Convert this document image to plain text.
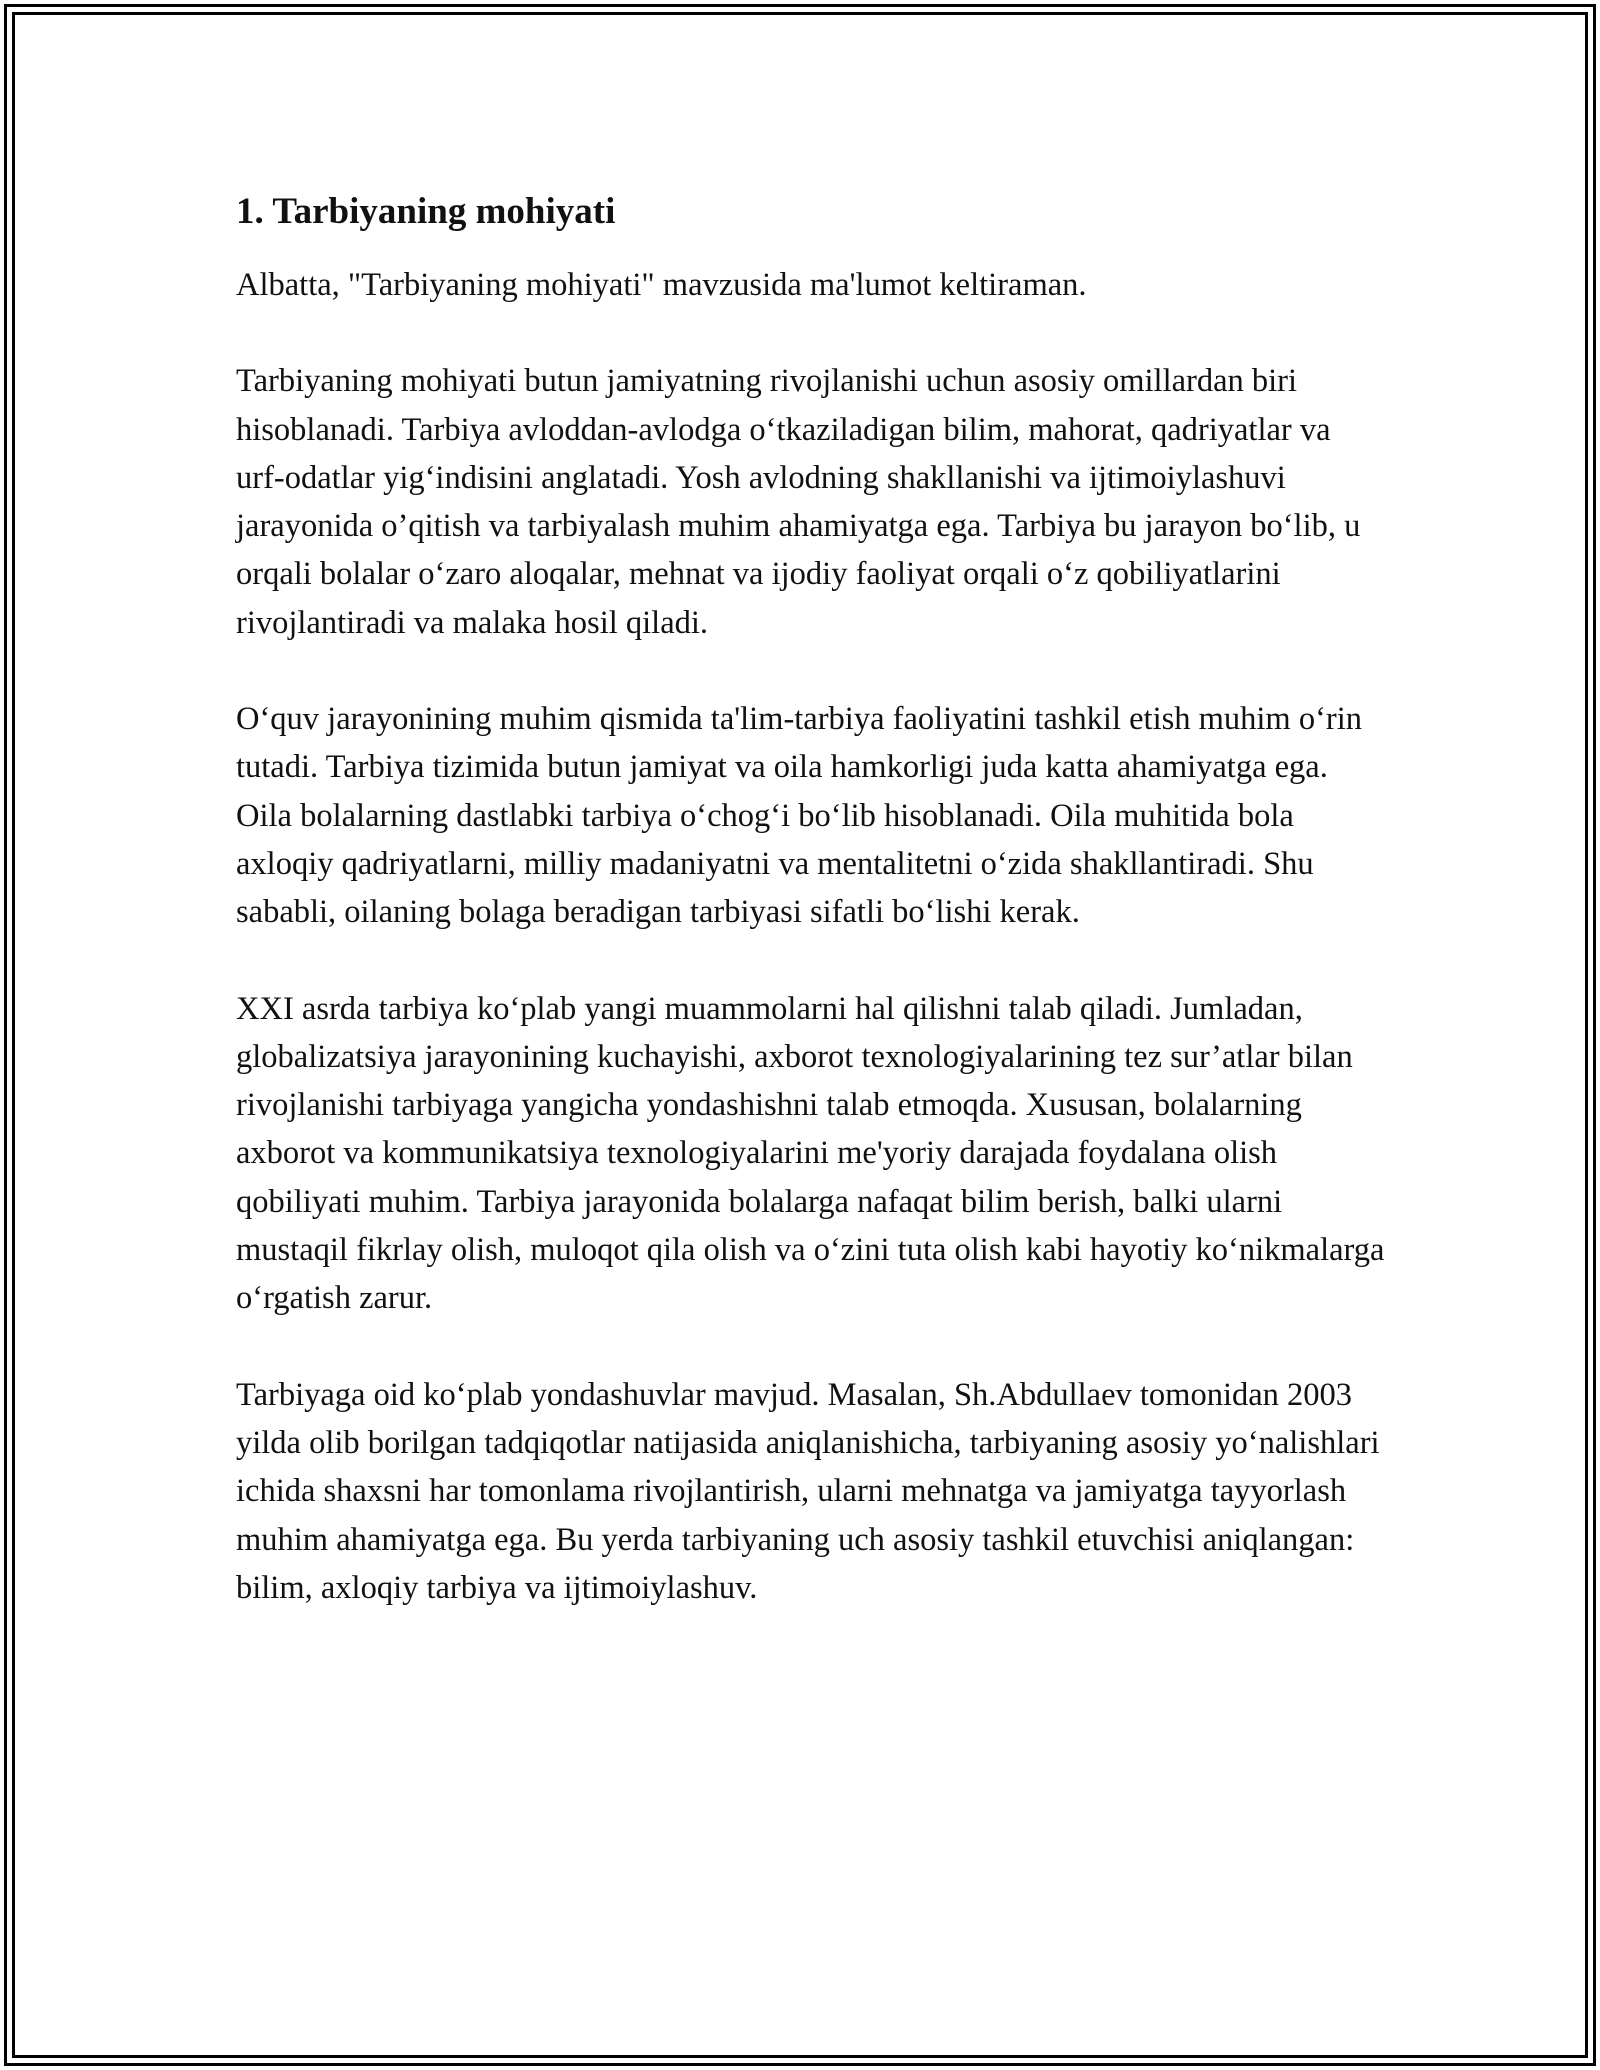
1. Tarbiyaning mohiyati

Albatta, "Tarbiyaning mohiyati" mavzusida ma'lumot keltiraman.

Tarbiyaning mohiyati butun jamiyatning rivojlanishi uchun asosiy omillardan biri hisoblanadi. Tarbiya avloddan-avlodga o‘tkaziladigan bilim, mahorat, qadriyatlar va urf-odatlar yig‘indisini anglatadi. Yosh avlodning shakllanishi va ijtimoiylashuvi jarayonida o’qitish va tarbiyalash muhim ahamiyatga ega. Tarbiya bu jarayon bo‘lib, u orqali bolalar o‘zaro aloqalar, mehnat va ijodiy faoliyat orqali o‘z qobiliyatlarini rivojlantiradi va malaka hosil qiladi.

O‘quv jarayonining muhim qismida ta'lim-tarbiya faoliyatini tashkil etish muhim o‘rin tutadi. Tarbiya tizimida butun jamiyat va oila hamkorligi juda katta ahamiyatga ega. Oila bolalarning dastlabki tarbiya o‘chog‘i bo‘lib hisoblanadi. Oila muhitida bola axloqiy qadriyatlarni, milliy madaniyatni va mentalitetni o‘zida shakllantiradi. Shu sababli, oilaning bolaga beradigan tarbiyasi sifatli bo‘lishi kerak.

XXI asrda tarbiya ko‘plab yangi muammolarni hal qilishni talab qiladi. Jumladan, globalizatsiya jarayonining kuchayishi, axborot texnologiyalarining tez sur’atlar bilan rivojlanishi tarbiyaga yangicha yondashishni talab etmoqda. Xususan, bolalarning axborot va kommunikatsiya texnologiyalarini me'yoriy darajada foydalana olish qobiliyati muhim. Tarbiya jarayonida bolalarga nafaqat bilim berish, balki ularni mustaqil fikrlay olish, muloqot qila olish va o‘zini tuta olish kabi hayotiy ko‘nikmalarga o‘rgatish zarur.

Tarbiyaga oid ko‘plab yondashuvlar mavjud. Masalan, Sh.Abdullaev tomonidan 2003 yilda olib borilgan tadqiqotlar natijasida aniqlanishicha, tarbiyaning asosiy yo‘nalishlari ichida shaxsni har tomonlama rivojlantirish, ularni mehnatga va jamiyatga tayyorlash muhim ahamiyatga ega. Bu yerda tarbiyaning uch asosiy tashkil etuvchisi aniqlangan: bilim, axloqiy tarbiya va ijtimoiylashuv.
